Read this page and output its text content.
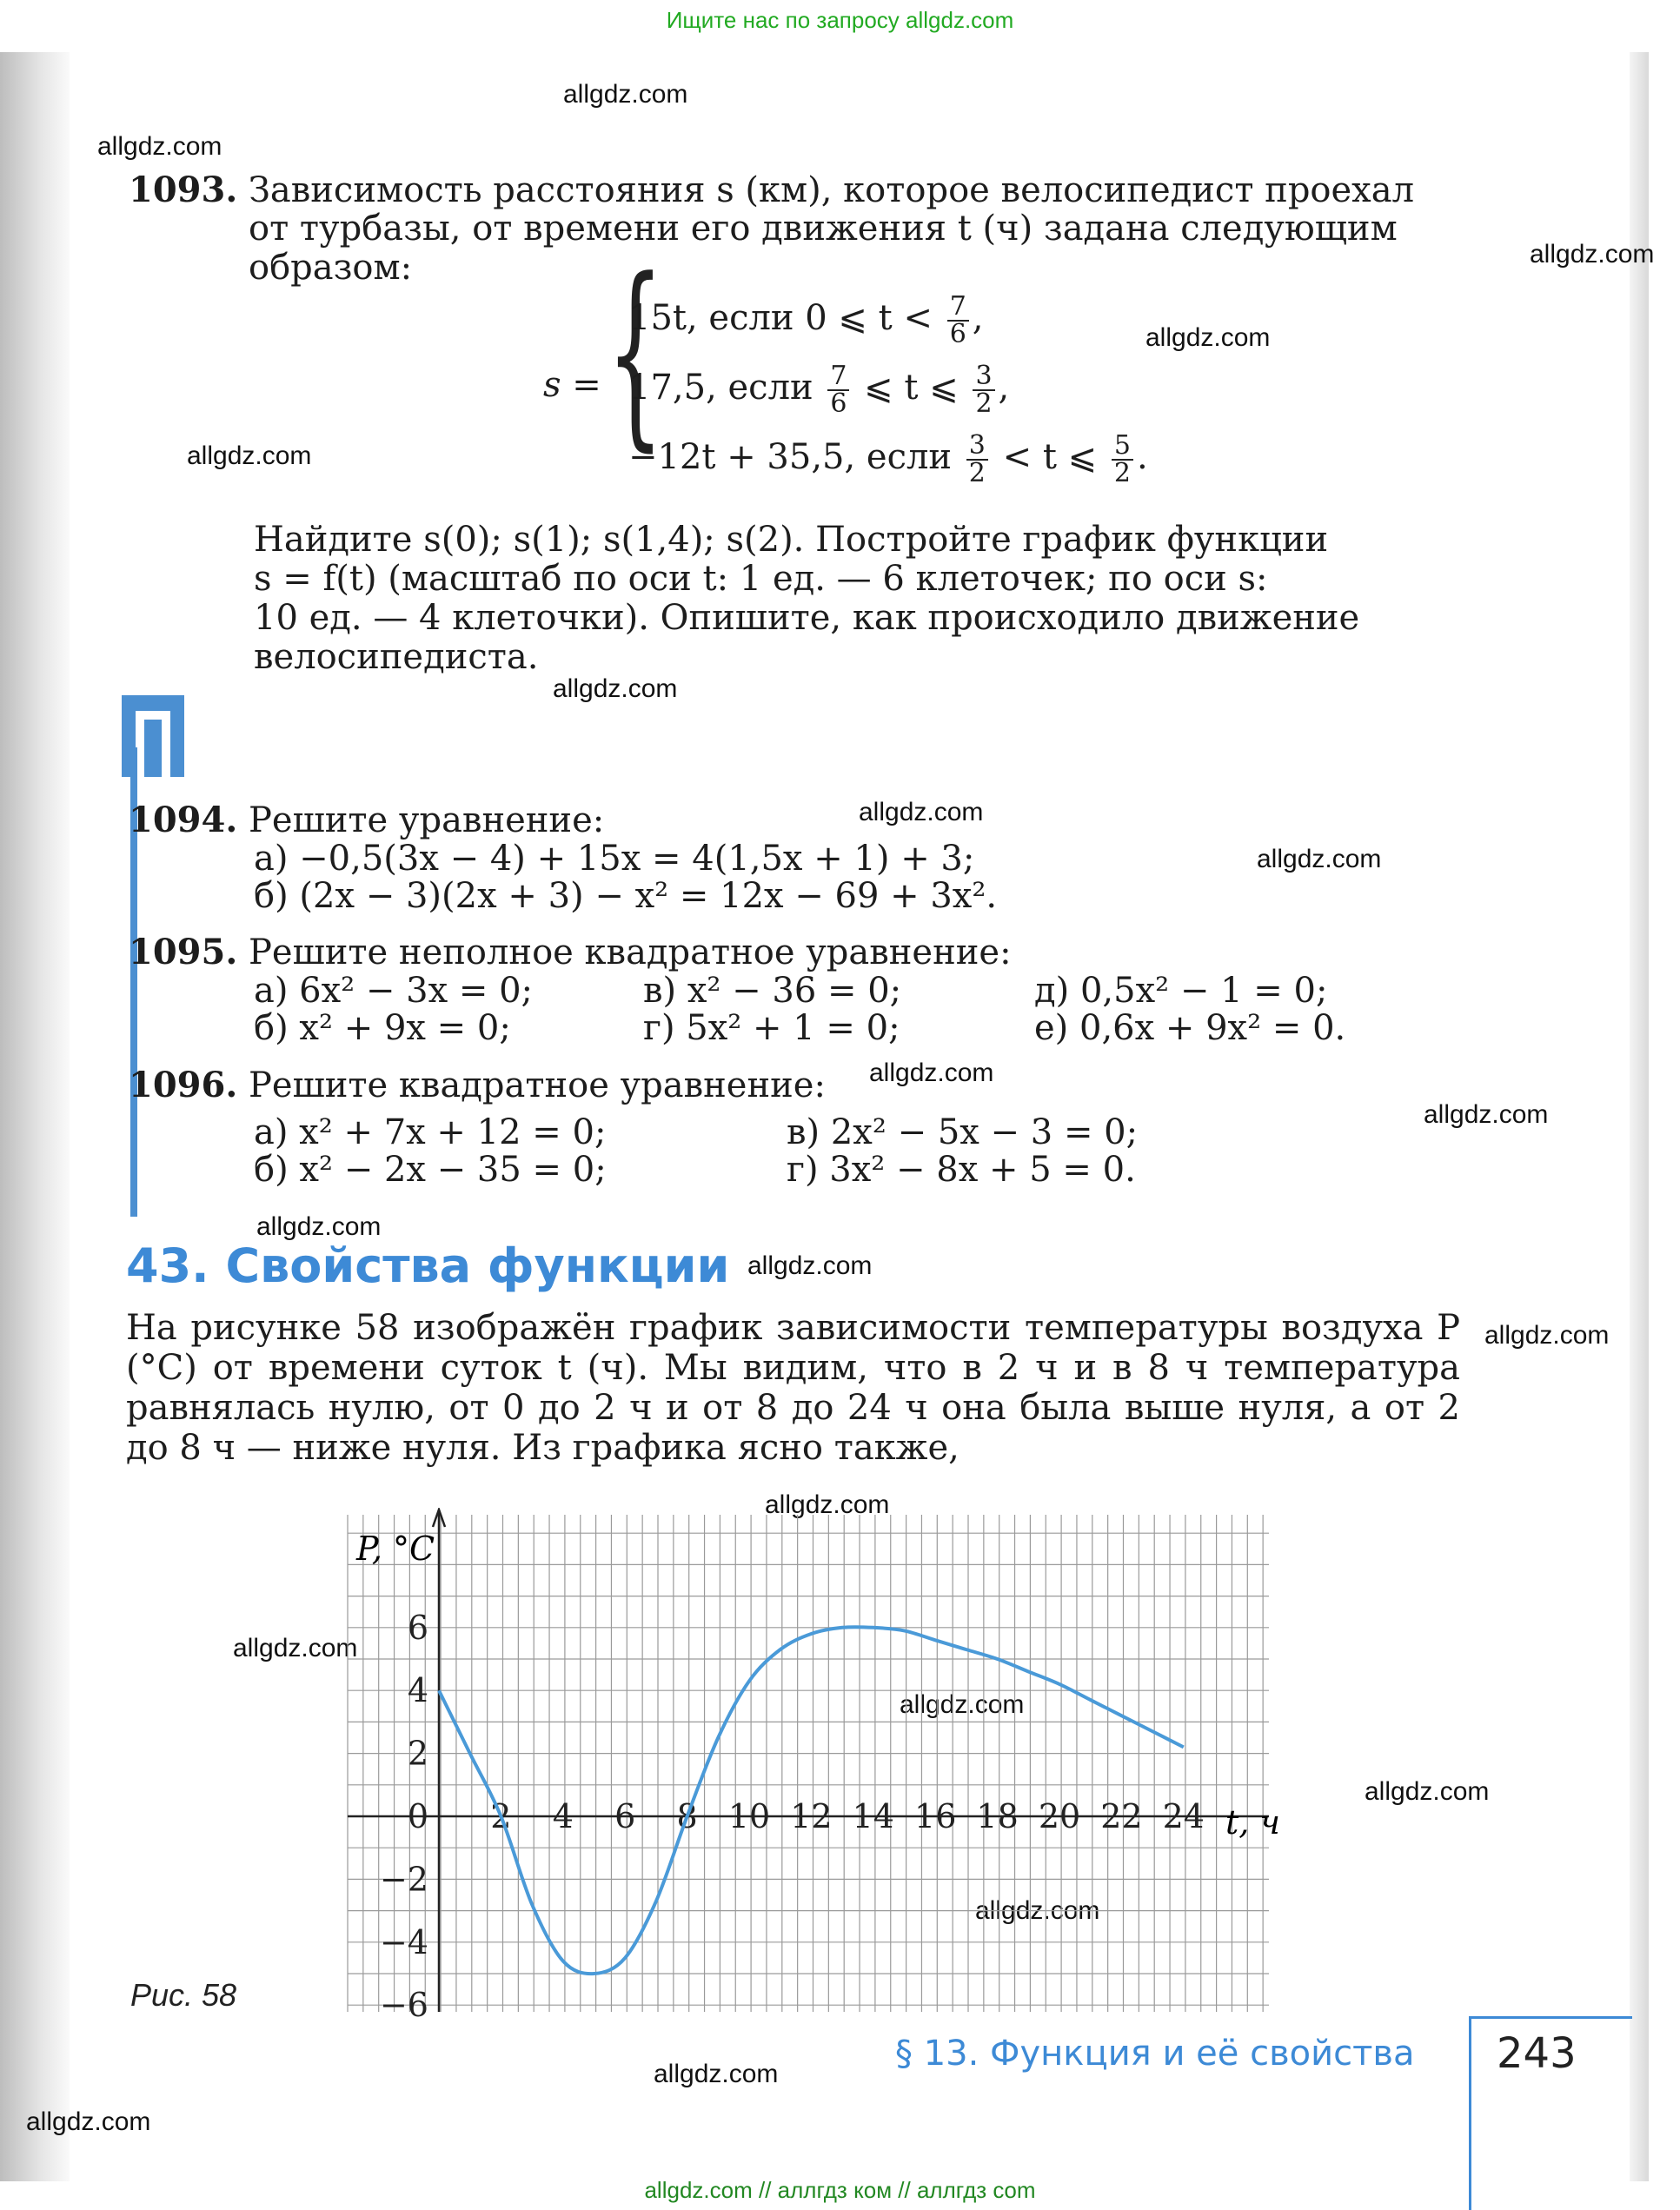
Ищите нас по запросу allgdz.com
allgdz.com // аллгдз ком // аллгдз com
allgdz.com
allgdz.com
allgdz.com
allgdz.com
allgdz.com
allgdz.com
allgdz.com
allgdz.com
allgdz.com
allgdz.com
allgdz.com
allgdz.com
allgdz.com
allgdz.com
allgdz.com
allgdz.com
allgdz.com
allgdz.com
allgdz.com
allgdz.com
1093. Зависимость расстояния s (км), которое велосипедист проехал
от турбазы, от времени его движения t (ч) задана следующим
образом:
s = {
15t, если 0 ⩽ $t < \frac{7}{6}$ ,
17,5, если $\frac{7}{6}$ ⩽ t ⩽ $\frac{3}{2}$ ,
−12t + 35,5, если $\frac{3}{2} < t$ ⩽ $\frac{5}{2}$ .
Найдите s(0); s(1); s(1,4); s(2). Постройте график функции
s = f(t) (масштаб по оси t: 1 ед. — 6 клеточек; по оси s:
10 ед. — 4 клеточки). Опишите, как происходило движение
велосипедиста.
1094. Решите уравнение:
а) −0,5(3x − 4) + 15x = 4(1,5x + 1) + 3;
б) (2x − 3)(2x + 3) − x² = 12x − 69 + 3x².
1095. Решите неполное квадратное уравнение:
а) 6x² − 3x = 0;	в) x² − 36 = 0;	д) 0,5x² − 1 = 0;
б) x² + 9x = 0;	г) 5x² + 1 = 0;	е) 0,6x + 9x² = 0.
1096. Решите квадратное уравнение:
а) x² + 7x + 12 = 0;	в) 2x² − 5x − 3 = 0;
б) x² − 2x − 35 = 0;	г) 3x² − 8x + 5 = 0.
43. Свойства функции
На рисунке 58 изображён график зависимости температуры воздуха P (°C) от времени суток t (ч). Мы видим, что в 2 ч и в 8 ч температура равнялась нулю, от 0 до 2 ч и от 8 до 24 ч она была выше нуля, а от 2 до 8 ч — ниже нуля. Из графика ясно также,
2 4 6 8 10 12 14 16 18 20 22 24
6
4
2
0
−2
−4
−6
P, °C
t, ч
Рис. 58
§ 13. Функция и её свойства 243
